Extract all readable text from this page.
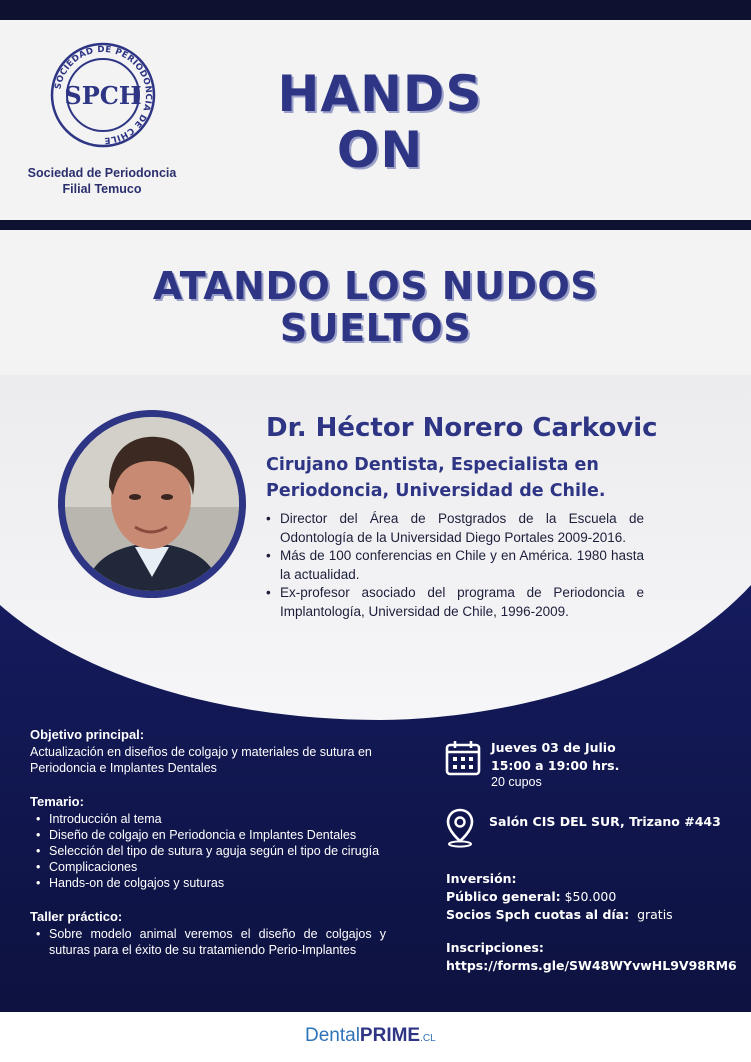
SOCIEDAD DE PERIODONCIA DE CHILE
SPCH
Sociedad de Periodoncia
Filial Temuco
HANDS
ON
ATANDO LOS NUDOS
SUELTOS
Dr. Héctor Norero Carkovic
Cirujano Dentista, Especialista en
Periodoncia, Universidad de Chile.
• Director del Área de Postgrados de la Escuela de Odontología de la Universidad Diego Portales 2009-2016.
• Más de 100 conferencias en Chile y en América. 1980 hasta la actualidad.
• Ex-profesor asociado del programa de Periodoncia e Implantología, Universidad de Chile, 1996-2009.
Objetivo principal:
Actualización en diseños de colgajo y materiales de sutura en Periodoncia e Implantes Dentales
Temario:
• Introducción al tema
• Diseño de colgajo en Periodoncia e Implantes Dentales
• Selección del tipo de sutura y aguja según el tipo de cirugía
• Complicaciones
• Hands-on de colgajos y suturas
Taller práctico:
• Sobre modelo animal veremos el diseño de colgajos y suturas para el éxito de su tratamiendo Perio-Implantes
Jueves 03 de Julio
15:00 a 19:00 hrs.
20 cupos
Salón CIS DEL SUR, Trizano #443
Inversión:
Público general: $50.000
Socios Spch cuotas al día: gratis
Inscripciones:
https://forms.gle/SW48WYvwHL9V98RM6
DentalPRIME.CL
